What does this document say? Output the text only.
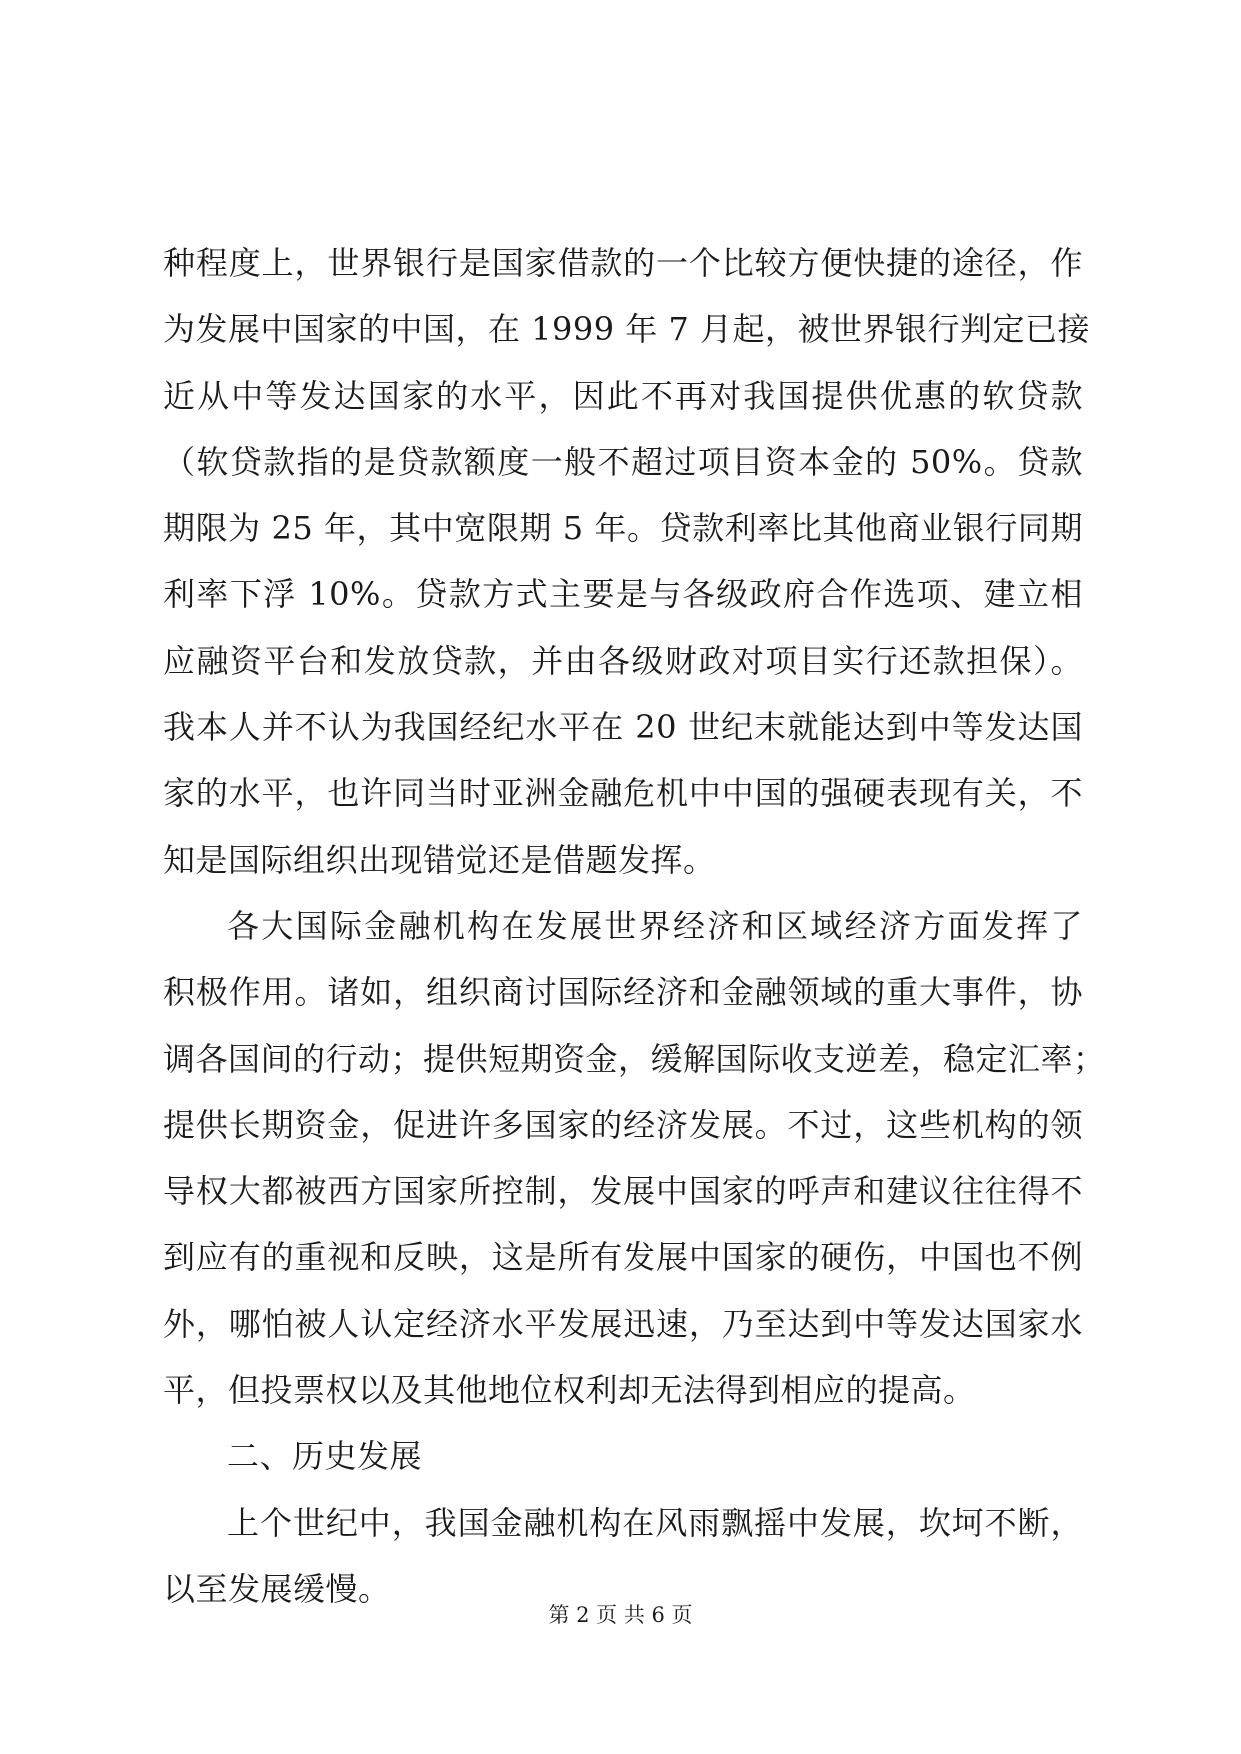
种程度上，世界银行是国家借款的一个比较方便快捷的途径，作
为发展中国家的中国，在 1999 年 7 月起，被世界银行判定已接
近从中等发达国家的水平，因此不再对我国提供优惠的软贷款
（软贷款指的是贷款额度一般不超过项目资本金的 50%。贷款
期限为 25 年，其中宽限期 5 年。贷款利率比其他商业银行同期
利率下浮 10%。贷款方式主要是与各级政府合作选项、建立相
应融资平台和发放贷款，并由各级财政对项目实行还款担保）。
我本人并不认为我国经纪水平在 20 世纪末就能达到中等发达国
家的水平，也许同当时亚洲金融危机中中国的强硬表现有关，不
知是国际组织出现错觉还是借题发挥。
各大国际金融机构在发展世界经济和区域经济方面发挥了
积极作用。诸如，组织商讨国际经济和金融领域的重大事件，协
调各国间的行动；提供短期资金，缓解国际收支逆差，稳定汇率；
提供长期资金，促进许多国家的经济发展。不过，这些机构的领
导权大都被西方国家所控制，发展中国家的呼声和建议往往得不
到应有的重视和反映，这是所有发展中国家的硬伤，中国也不例
外，哪怕被人认定经济水平发展迅速，乃至达到中等发达国家水
平，但投票权以及其他地位权利却无法得到相应的提高。
二、历史发展
上个世纪中，我国金融机构在风雨飘摇中发展，坎坷不断，
以至发展缓慢。
第 2 页 共 6 页
